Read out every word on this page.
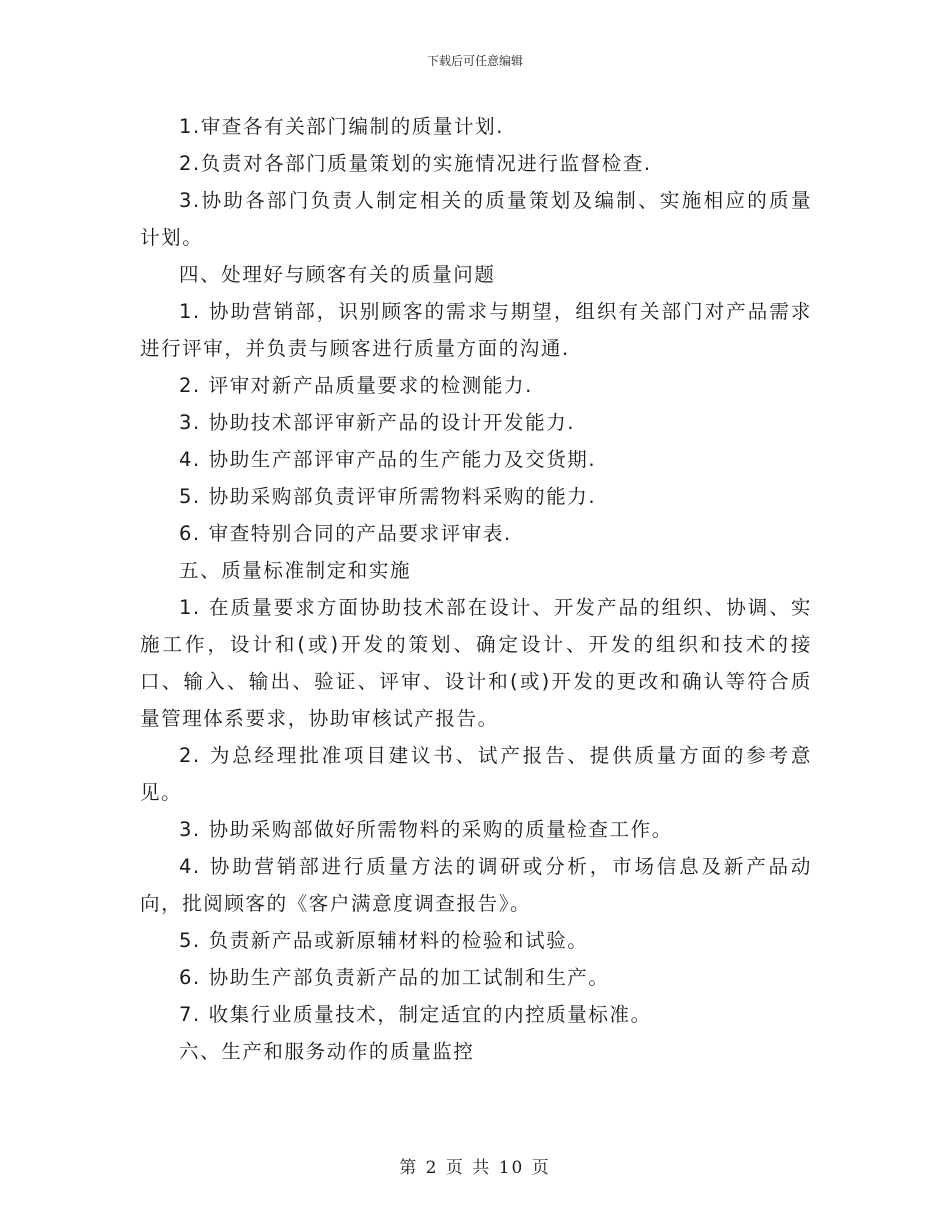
下载后可任意编辑

1.审查各有关部门编制的质量计划.

2.负责对各部门质量策划的实施情况进行监督检查.

3.协助各部门负责人制定相关的质量策划及编制、实施相应的质量计划。

四、处理好与顾客有关的质量问题

1. 协助营销部，识别顾客的需求与期望，组织有关部门对产品需求进行评审，并负责与顾客进行质量方面的沟通.

2. 评审对新产品质量要求的检测能力.

3. 协助技术部评审新产品的设计开发能力.

4. 协助生产部评审产品的生产能力及交货期.

5. 协助采购部负责评审所需物料采购的能力.

6. 审查特别合同的产品要求评审表.

五、质量标准制定和实施

1. 在质量要求方面协助技术部在设计、开发产品的组织、协调、实施工作，设计和(或)开发的策划、确定设计、开发的组织和技术的接口、输入、输出、验证、评审、设计和(或)开发的更改和确认等符合质量管理体系要求，协助审核试产报告。

2. 为总经理批准项目建议书、试产报告、提供质量方面的参考意见。

3. 协助采购部做好所需物料的采购的质量检查工作。

4. 协助营销部进行质量方法的调研或分析，市场信息及新产品动向，批阅顾客的《客户满意度调查报告》。

5. 负责新产品或新原辅材料的检验和试验。

6. 协助生产部负责新产品的加工试制和生产。

7. 收集行业质量技术，制定适宜的内控质量标准。

六、生产和服务动作的质量监控

第 2 页 共 10 页
